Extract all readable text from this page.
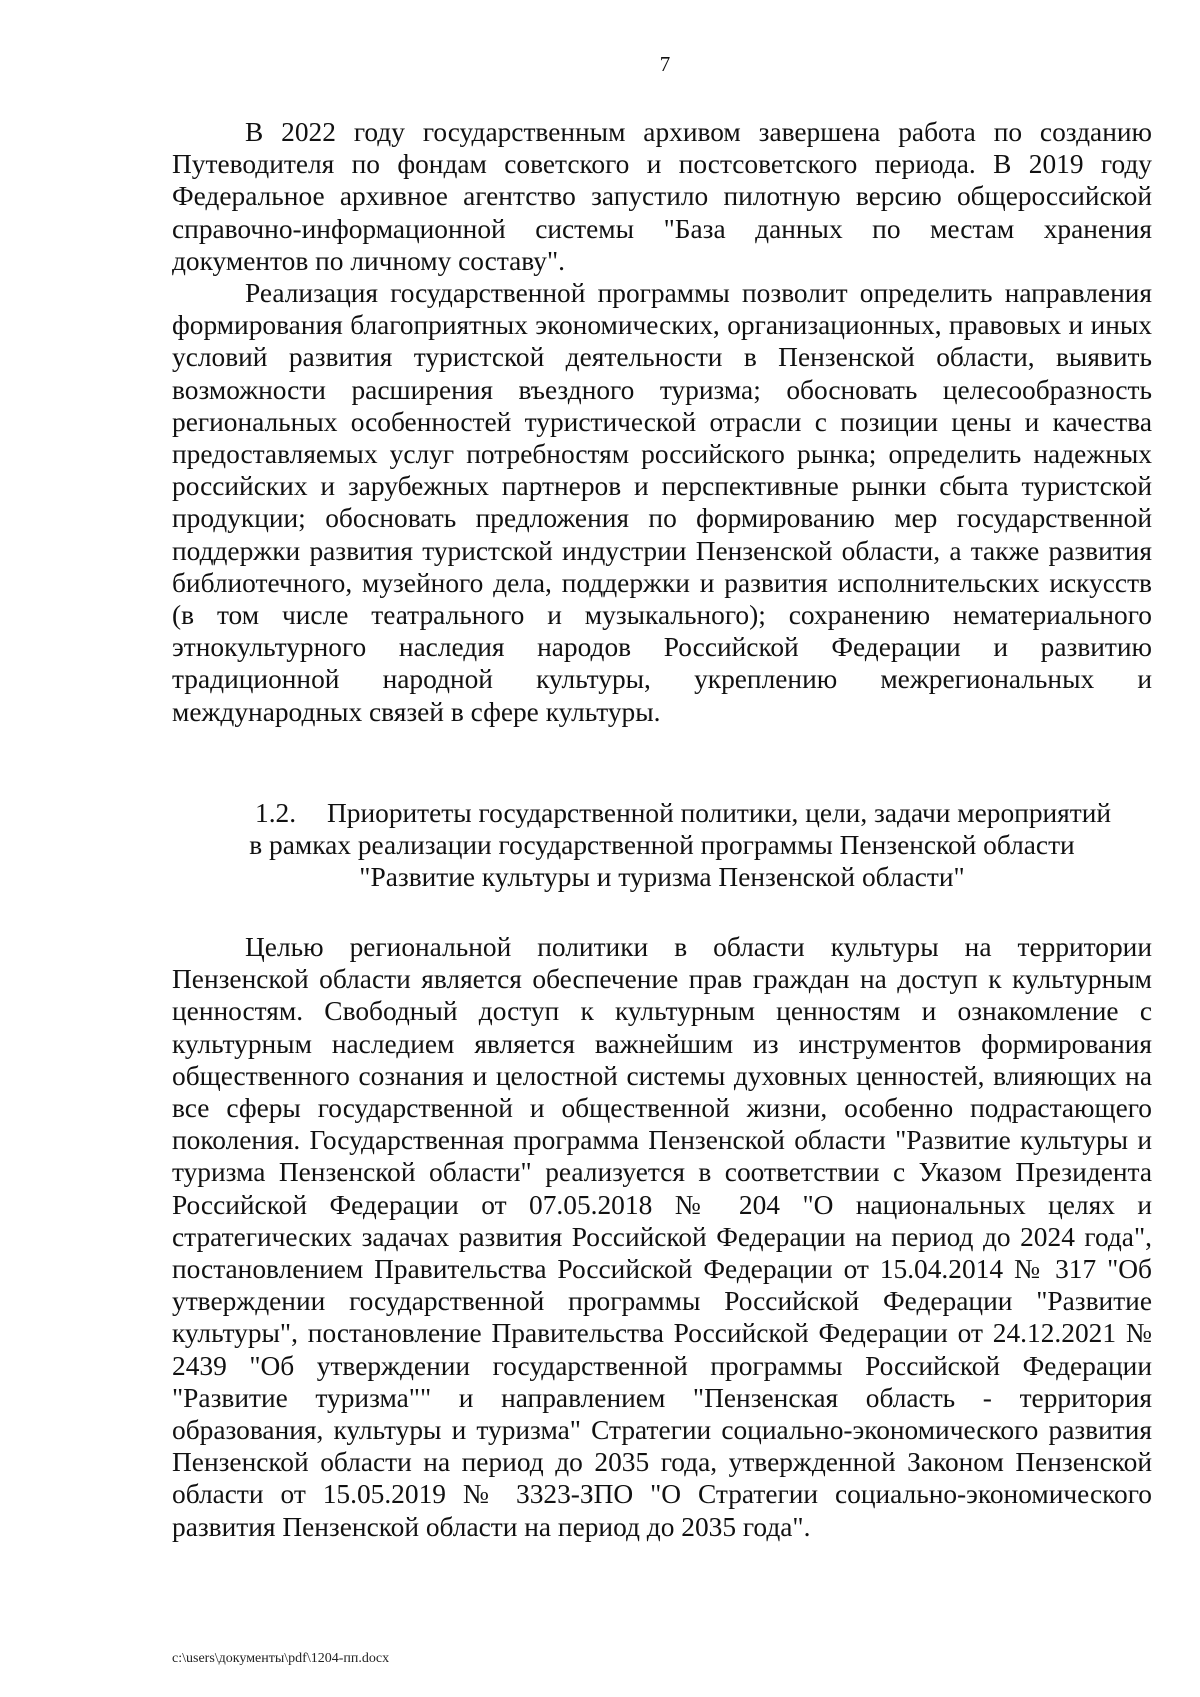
7

В 2022 году государственным архивом завершена работа по созданию Путеводителя по фондам советского и постсоветского периода. В 2019 году Федеральное архивное агентство запустило пилотную версию общероссийской справочно-информационной системы "База данных по местам хранения документов по личному составу".

Реализация государственной программы позволит определить направления формирования благоприятных экономических, организационных, правовых и иных условий развития туристской деятельности в Пензенской области, выявить возможности расширения въездного туризма; обосновать целесообразность региональных особенностей туристической отрасли с позиции цены и качества предоставляемых услуг потребностям российского рынка; определить надежных российских и зарубежных партнеров и перспективные рынки сбыта туристской продукции; обосновать предложения по формированию мер государственной поддержки развития туристской индустрии Пензенской области, а также развития библиотечного, музейного дела, поддержки и развития исполнительских искусств (в том числе театрального и музыкального); сохранению нематериального этнокультурного наследия народов Российской Федерации и развитию традиционной народной культуры, укреплению межрегиональных и международных связей в сфере культуры.

1.2. Приоритеты государственной политики, цели, задачи мероприятий
в рамках реализации государственной программы Пензенской области
"Развитие культуры и туризма Пензенской области"

Целью региональной политики в области культуры на территории Пензенской области является обеспечение прав граждан на доступ к культурным ценностям. Свободный доступ к культурным ценностям и ознакомление с культурным наследием является важнейшим из инструментов формирования общественного сознания и целостной системы духовных ценностей, влияющих на все сферы государственной и общественной жизни, особенно подрастающего поколения. Государственная программа Пензенской области "Развитие культуры и туризма Пензенской области" реализуется в соответствии с Указом Президента Российской Федерации от 07.05.2018 № 204 "О национальных целях и стратегических задачах развития Российской Федерации на период до 2024 года", постановлением Правительства Российской Федерации от 15.04.2014 № 317 "Об утверждении государственной программы Российской Федерации "Развитие культуры", постановление Правительства Российской Федерации от 24.12.2021 № 2439 "Об утверждении государственной программы Российской Федерации "Развитие туризма"" и направлением "Пензенская область - территория образования, культуры и туризма" Стратегии социально-экономического развития Пензенской области на период до 2035 года, утвержденной Законом Пензенской области от 15.05.2019 № 3323-ЗПО "О Стратегии социально-экономического развития Пензенской области на период до 2035 года".

c:\users\документы\pdf\1204-пп.docx
